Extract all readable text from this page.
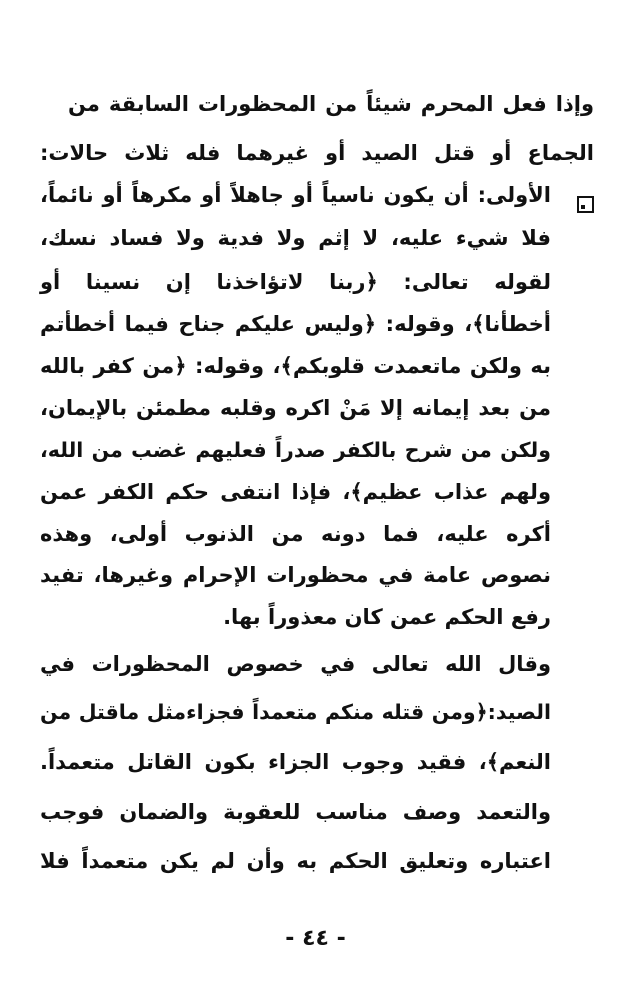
وإذا فعل المحرم شيئاً من المحظورات السابقة من
الجماع أو قتل الصيد أو غيرهما فله ثلاث حالات:
الأولى: أن يكون ناسياً أو جاهلاً أو مكرهاً أو نائماً،
فلا شيء عليه، لا إثم ولا فدية ولا فساد نسك،
لقوله تعالى: ﴿ربنا لاتؤاخذنا إن نسينا أو
أخطأنا﴾، وقوله: ﴿وليس عليكم جناح فيما أخطأتم
به ولكن ماتعمدت قلوبكم﴾، وقوله: ﴿من كفر بالله
من بعد إيمانه إلا مَنْ اكره وقلبه مطمئن بالإيمان،
ولكن من شرح بالكفر صدراً فعليهم غضب من الله،
ولهم عذاب عظيم﴾، فإذا انتفى حكم الكفر عمن
أكره عليه، فما دونه من الذنوب أولى، وهذه
نصوص عامة في محظورات الإحرام وغيرها، تفيد
رفع الحكم عمن كان معذوراً بها.
وقال الله تعالى في خصوص المحظورات في
الصيد:﴿ومن قتله منكم متعمداً فجزاءمثل ماقتل من
النعم﴾، فقيد وجوب الجزاء بكون القاتل متعمداً.
والتعمد وصف مناسب للعقوبة والضمان فوجب
اعتباره وتعليق الحكم به وأن لم يكن متعمداً فلا
- ٤٤ -
